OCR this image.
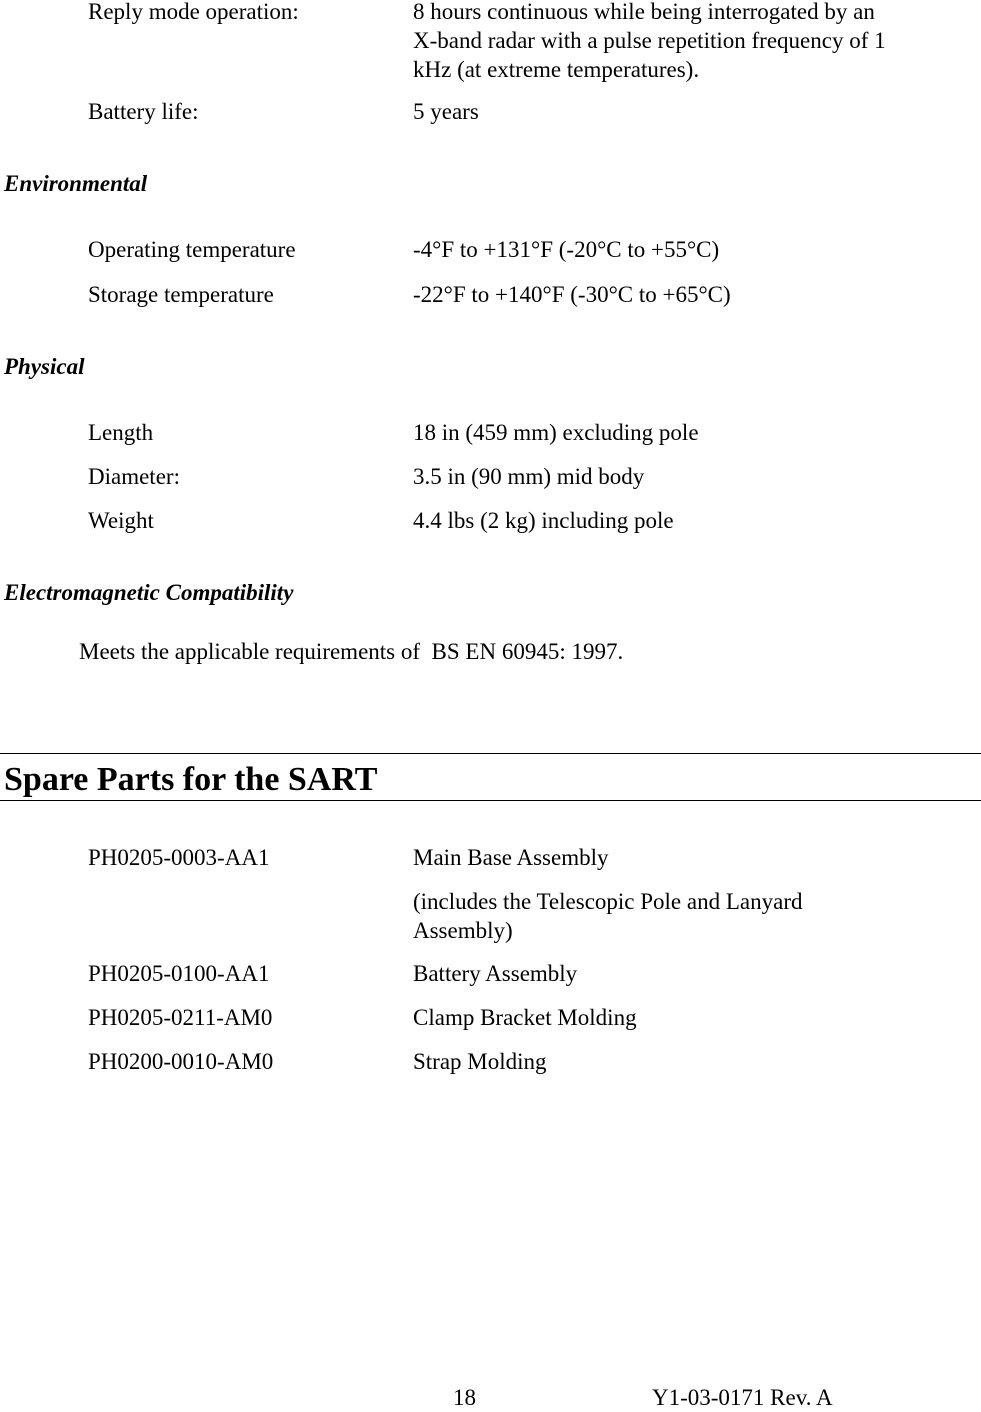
Reply mode operation:	8 hours continuous while being interrogated by an X-band radar with a pulse repetition frequency of 1 kHz (at extreme temperatures).
Battery life:	5 years
Environmental
Operating temperature	-4°F to +131°F (-20°C to +55°C)
Storage temperature	-22°F to +140°F (-30°C to +65°C)
Physical
Length	18 in (459 mm) excluding pole
Diameter:	3.5 in (90 mm) mid body
Weight	4.4 lbs (2 kg) including pole
Electromagnetic Compatibility
Meets the applicable requirements of  BS EN 60945: 1997.
Spare Parts for the SART
PH0205-0003-AA1	Main Base Assembly
(includes the Telescopic Pole and Lanyard Assembly)
PH0205-0100-AA1	Battery Assembly
PH0205-0211-AM0	Clamp Bracket Molding
PH0200-0010-AM0	Strap Molding
18	Y1-03-0171 Rev. A
